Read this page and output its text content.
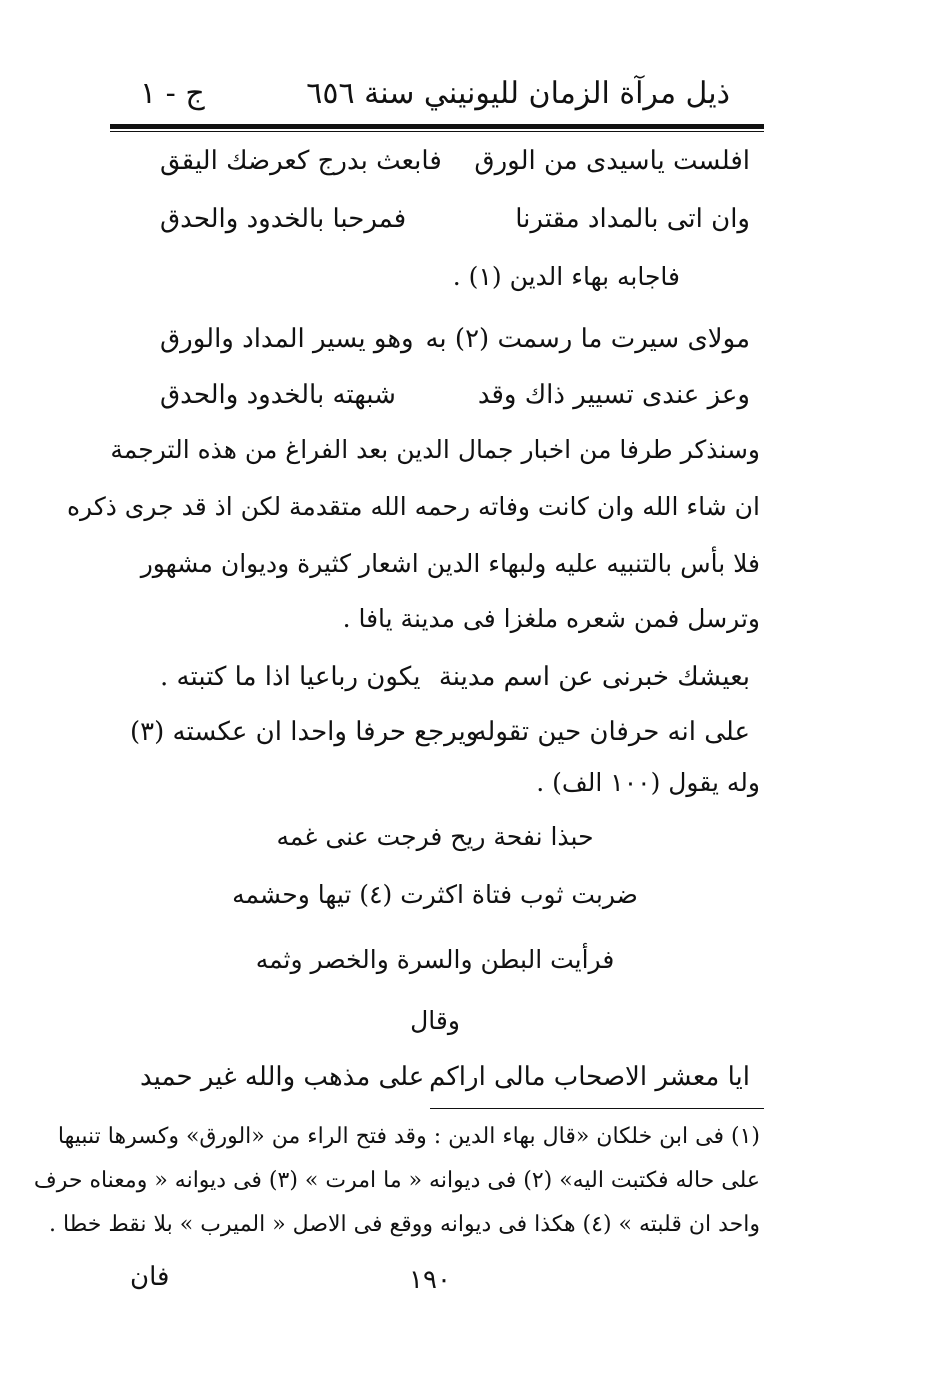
ذيل مرآة الزمان لليونيني سنة ٦٥٦
ج - ١
افلست ياسيدى من الورق
فابعث بدرج كعرضك اليقق
وان اتى بالمداد مقترنا
فمرحبا بالخدود والحدق
فاجابه بهاء الدين (١) .
مولاى سيرت ما رسمت (٢) به
وهو يسير المداد والورق
وعز عندى تسيير ذاك وقد
شبهته بالخدود والحدق
وسنذكر طرفا من اخبار جمال الدين بعد الفراغ من هذه الترجمة
ان شاء الله وان كانت وفاته رحمه الله متقدمة لكن اذ قد جرى ذكره
فلا بأس بالتنبيه عليه ولبهاء الدين اشعار كثيرة وديوان مشهور
وترسل فمن شعره ملغزا فى مدينة يافا .
بعيشك خبرنى عن اسم مدينة
يكون رباعيا اذا ما كتبته .
على انه حرفان حين تقوله
ويرجع حرفا واحدا ان عكسته (٣)
وله يقول (١٠٠ الف) .
حبذا نفحة ريح فرجت عنى غمه
ضربت ثوب فتاة اكثرت (٤) تيها وحشمه
فرأيت البطن والسرة والخصر وثمه
وقال
ايا معشر الاصحاب مالى اراكم
على مذهب والله غير حميد
(١) فى ابن خلكان «قال بهاء الدين : وقد فتح الراء من «الورق» وكسرها تنبيها
على حاله فكتبت اليه» (٢) فى ديوانه « ما امرت » (٣) فى ديوانه « ومعناه حرف
واحد ان قلبته » (٤) هكذا فى ديوانه ووقع فى الاصل « الميرب » بلا نقط خطا .
١٩٠
فان
